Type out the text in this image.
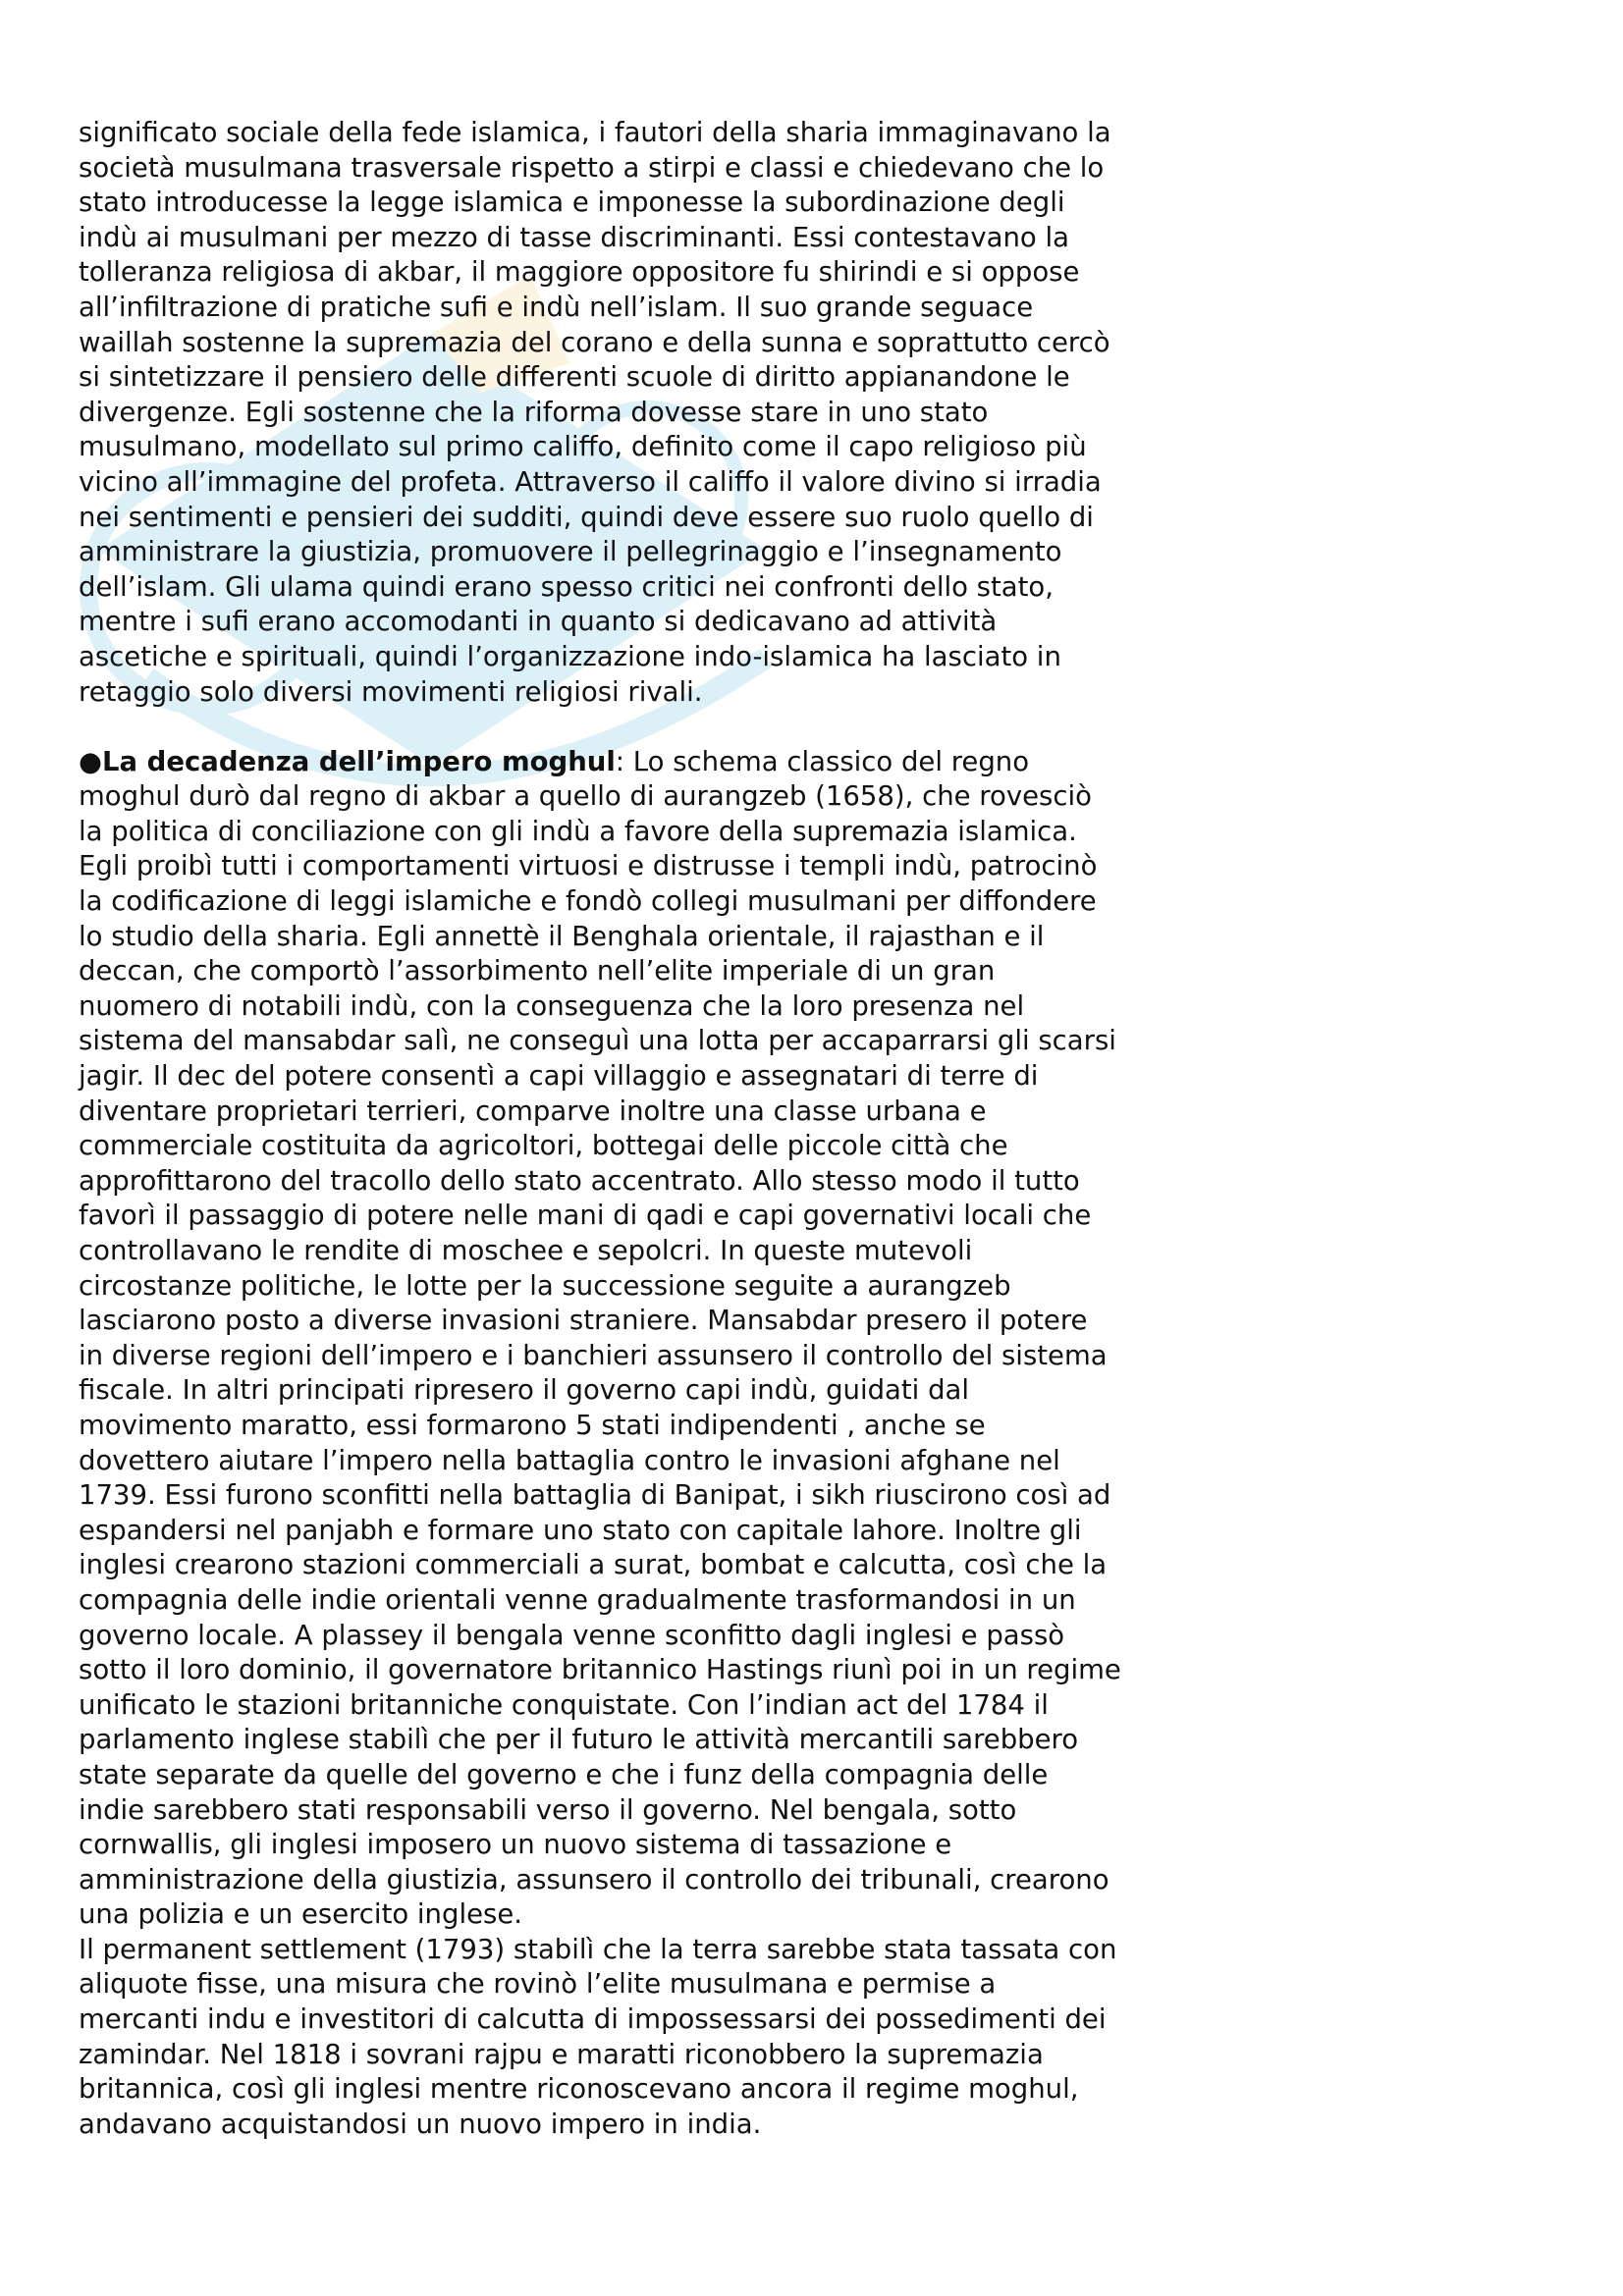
significato sociale della fede islamica, i fautori della sharia immaginavano la
società musulmana trasversale rispetto a stirpi e classi e chiedevano che lo
stato introducesse la legge islamica e imponesse la subordinazione degli
indù ai musulmani per mezzo di tasse discriminanti. Essi contestavano la
tolleranza religiosa di akbar, il maggiore oppositore fu shirindi e si oppose
all’infiltrazione di pratiche sufi e indù nell’islam. Il suo grande seguace
waillah sostenne la supremazia del corano e della sunna e soprattutto cercò
si sintetizzare il pensiero delle differenti scuole di diritto appianandone le
divergenze. Egli sostenne che la riforma dovesse stare in uno stato
musulmano, modellato sul primo califfo, definito come il capo religioso più
vicino all’immagine del profeta. Attraverso il califfo il valore divino si irradia
nei sentimenti e pensieri dei sudditi, quindi deve essere suo ruolo quello di
amministrare la giustizia, promuovere il pellegrinaggio e l’insegnamento
dell’islam. Gli ulama quindi erano spesso critici nei confronti dello stato,
mentre i sufi erano accomodanti in quanto si dedicavano ad attività
ascetiche e spirituali, quindi l’organizzazione indo-islamica ha lasciato in
retaggio solo diversi movimenti religiosi rivali.

●La decadenza dell’impero moghul: Lo schema classico del regno
moghul durò dal regno di akbar a quello di aurangzeb (1658), che rovesciò
la politica di conciliazione con gli indù a favore della supremazia islamica.
Egli proibì tutti i comportamenti virtuosi e distrusse i templi indù, patrocinò
la codificazione di leggi islamiche e fondò collegi musulmani per diffondere
lo studio della sharia. Egli annettè il Benghala orientale, il rajasthan e il
deccan, che comportò l’assorbimento nell’elite imperiale di un gran
nuomero di notabili indù, con la conseguenza che la loro presenza nel
sistema del mansabdar salì, ne conseguì una lotta per accaparrarsi gli scarsi
jagir. Il dec del potere consentì a capi villaggio e assegnatari di terre di
diventare proprietari terrieri, comparve inoltre una classe urbana e
commerciale costituita da agricoltori, bottegai delle piccole città che
approfittarono del tracollo dello stato accentrato. Allo stesso modo il tutto
favorì il passaggio di potere nelle mani di qadi e capi governativi locali che
controllavano le rendite di moschee e sepolcri. In queste mutevoli
circostanze politiche, le lotte per la successione seguite a aurangzeb
lasciarono posto a diverse invasioni straniere. Mansabdar presero il potere
in diverse regioni dell’impero e i banchieri assunsero il controllo del sistema
fiscale. In altri principati ripresero il governo capi indù, guidati dal
movimento maratto, essi formarono 5 stati indipendenti , anche se
dovettero aiutare l’impero nella battaglia contro le invasioni afghane nel
1739. Essi furono sconfitti nella battaglia di Banipat, i sikh riuscirono così ad
espandersi nel panjabh e formare uno stato con capitale lahore. Inoltre gli
inglesi crearono stazioni commerciali a surat, bombat e calcutta, così che la
compagnia delle indie orientali venne gradualmente trasformandosi in un
governo locale. A plassey il bengala venne sconfitto dagli inglesi e passò
sotto il loro dominio, il governatore britannico Hastings riunì poi in un regime
unificato le stazioni britanniche conquistate. Con l’indian act del 1784 il
parlamento inglese stabilì che per il futuro le attività mercantili sarebbero
state separate da quelle del governo e che i funz della compagnia delle
indie sarebbero stati responsabili verso il governo. Nel bengala, sotto
cornwallis, gli inglesi imposero un nuovo sistema di tassazione e
amministrazione della giustizia, assunsero il controllo dei tribunali, crearono
una polizia e un esercito inglese.

Il permanent settlement (1793) stabilì che la terra sarebbe stata tassata con
aliquote fisse, una misura che rovinò l’elite musulmana e permise a
mercanti indu e investitori di calcutta di impossessarsi dei possedimenti dei
zamindar. Nel 1818 i sovrani rajpu e maratti riconobbero la supremazia
britannica, così gli inglesi mentre riconoscevano ancora il regime moghul,
andavano acquistandosi un nuovo impero in india.
